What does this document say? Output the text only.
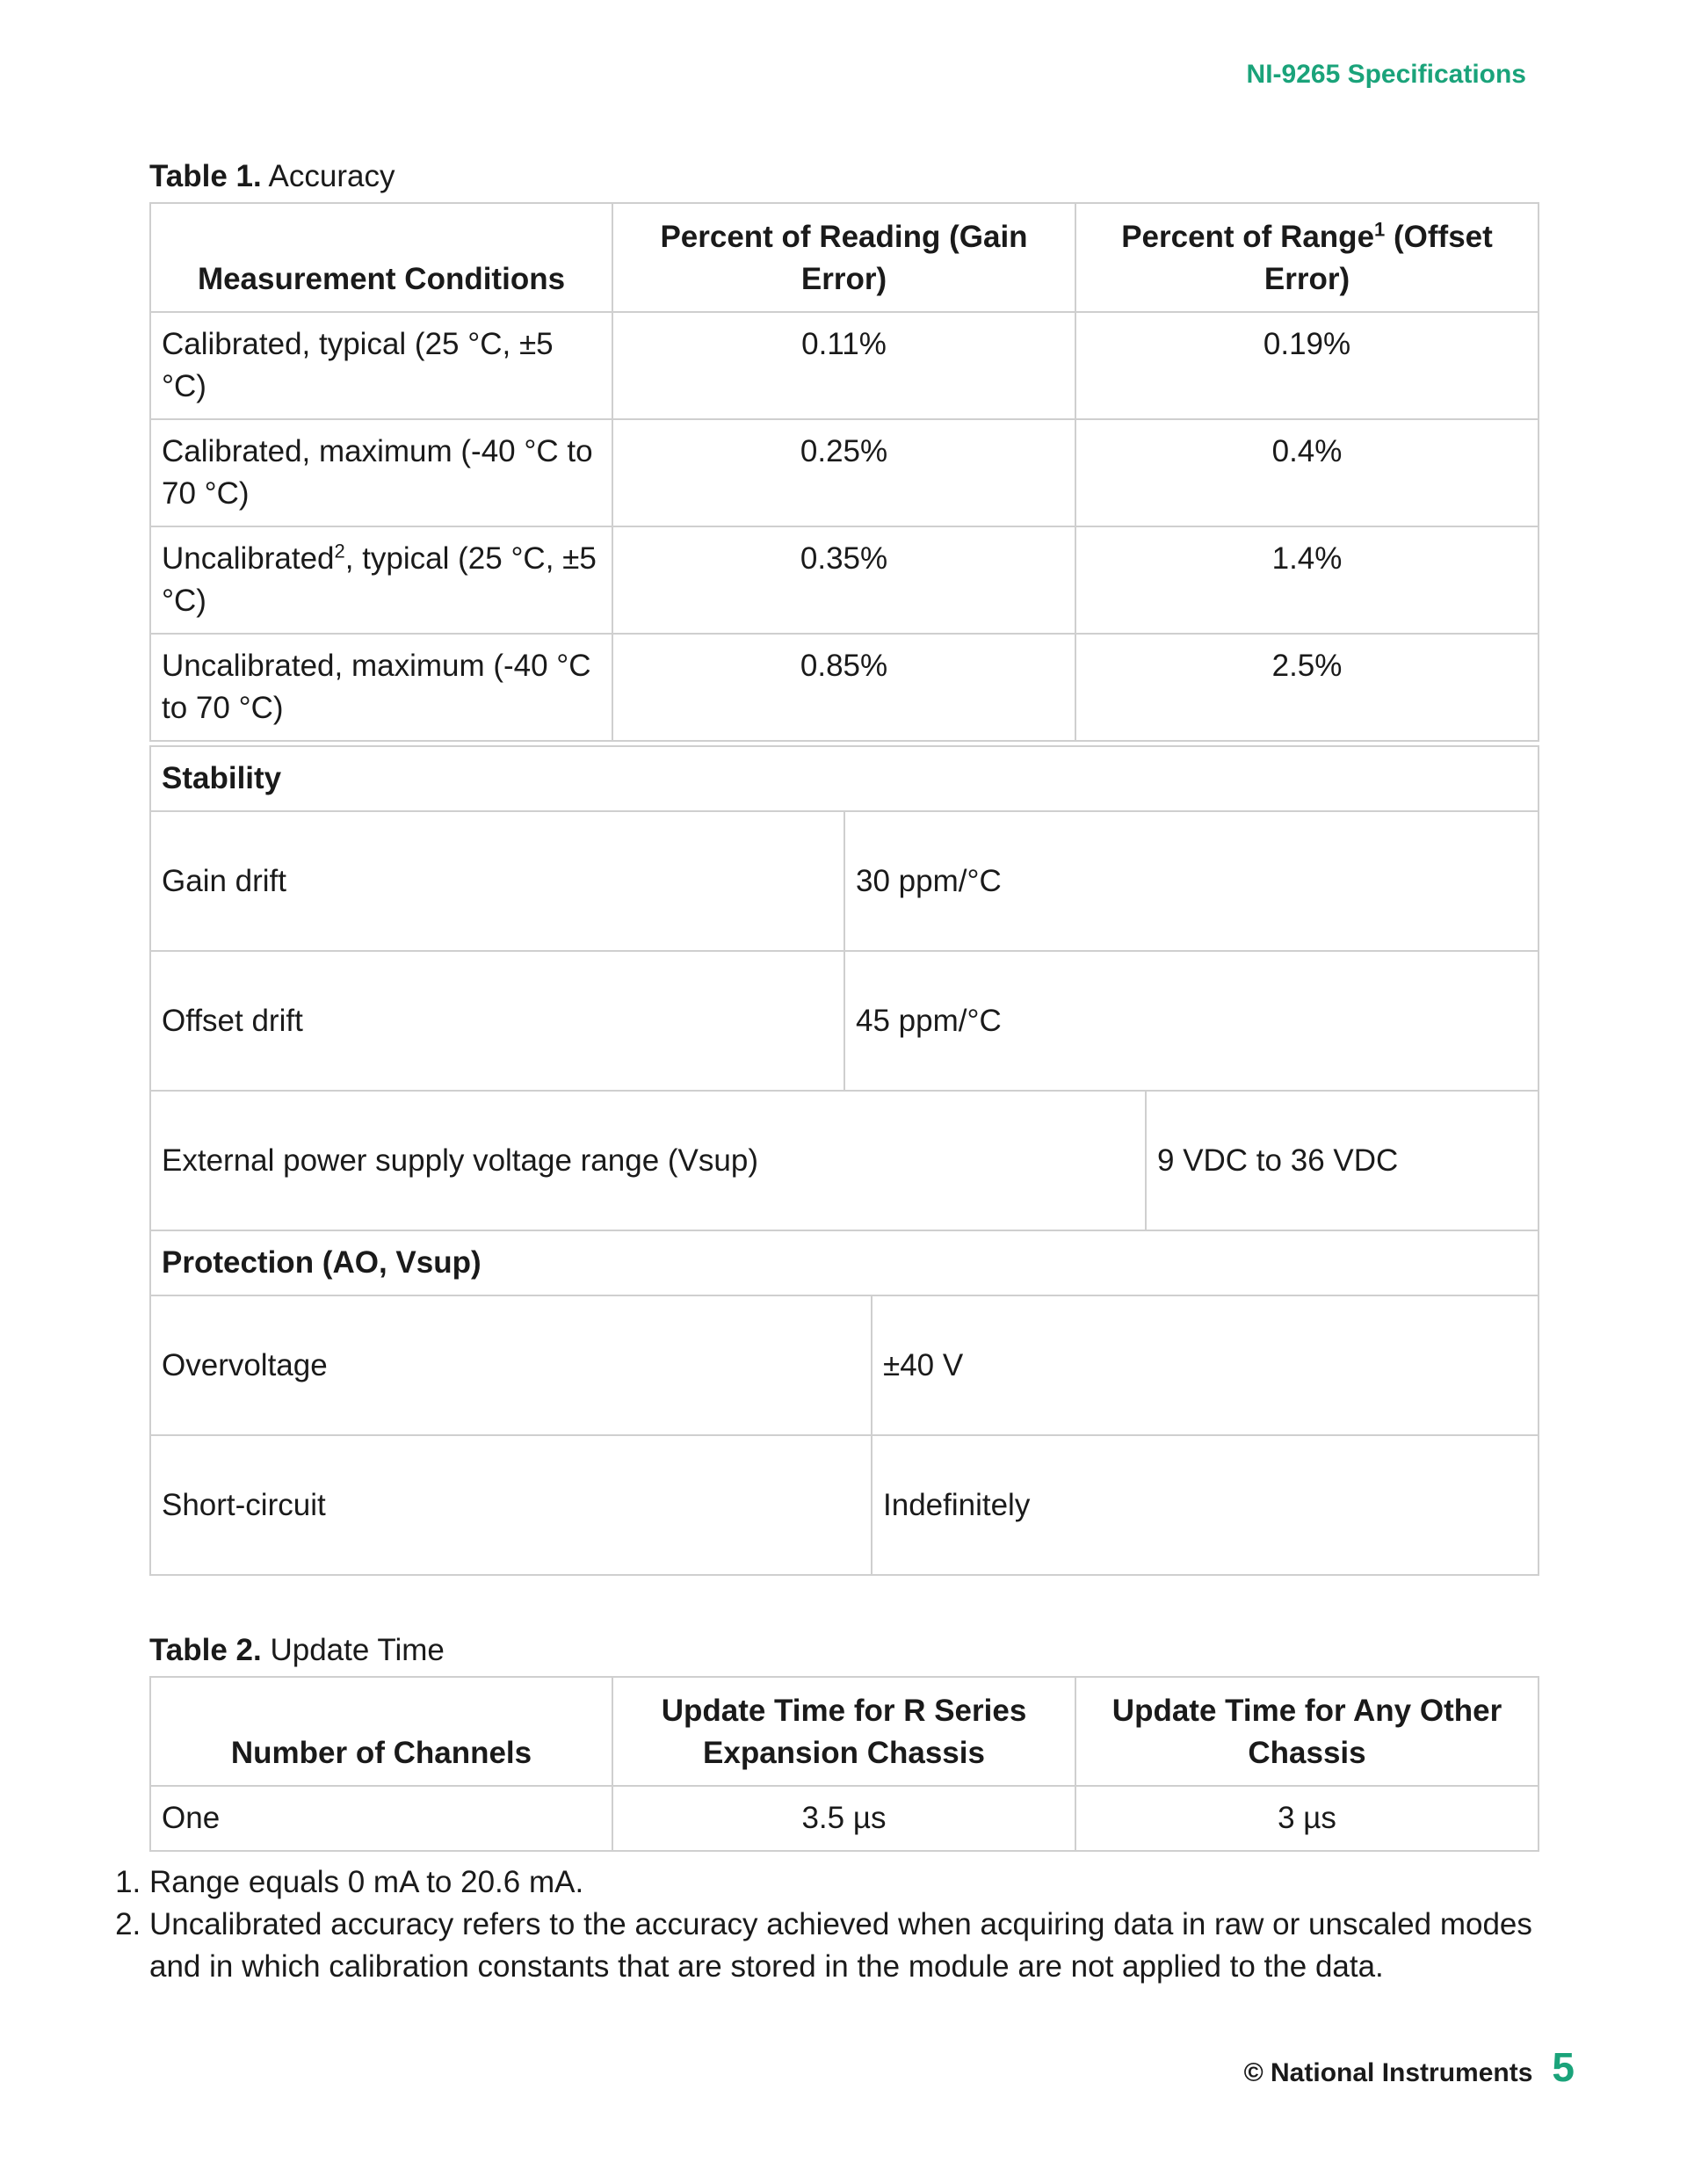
NI-9265 Specifications

Table 1. Accuracy

Measurement Conditions	Percent of Reading (Gain Error)	Percent of Range$^1$ (Offset Error)
Calibrated, typical (25 °C, ±5 °C)	0.11%	0.19%
Calibrated, maximum (-40 °C to 70 °C)	0.25%	0.4%
Uncalibrated$^2$, typical (25 °C, ±5 °C)	0.35%	1.4%
Uncalibrated, maximum (-40 °C to 70 °C)	0.85%	2.5%
Stability	
Gain drift	30 ppm/°C
Offset drift	45 ppm/°C
External power supply voltage range (Vsup)	9 VDC to 36 VDC
Protection (AO, Vsup)	
Overvoltage	±40 V
Short-circuit	Indefinitely

Table 2. Update Time

Number of Channels	Update Time for R Series Expansion Chassis	Update Time for Any Other Chassis
One	3.5 µs	3 µs
1. Range equals 0 mA to 20.6 mA.
2. Uncalibrated accuracy refers to the accuracy achieved when acquiring data in raw or unscaled modes and in which calibration constants that are stored in the module are not applied to the data.
© National Instruments 5
